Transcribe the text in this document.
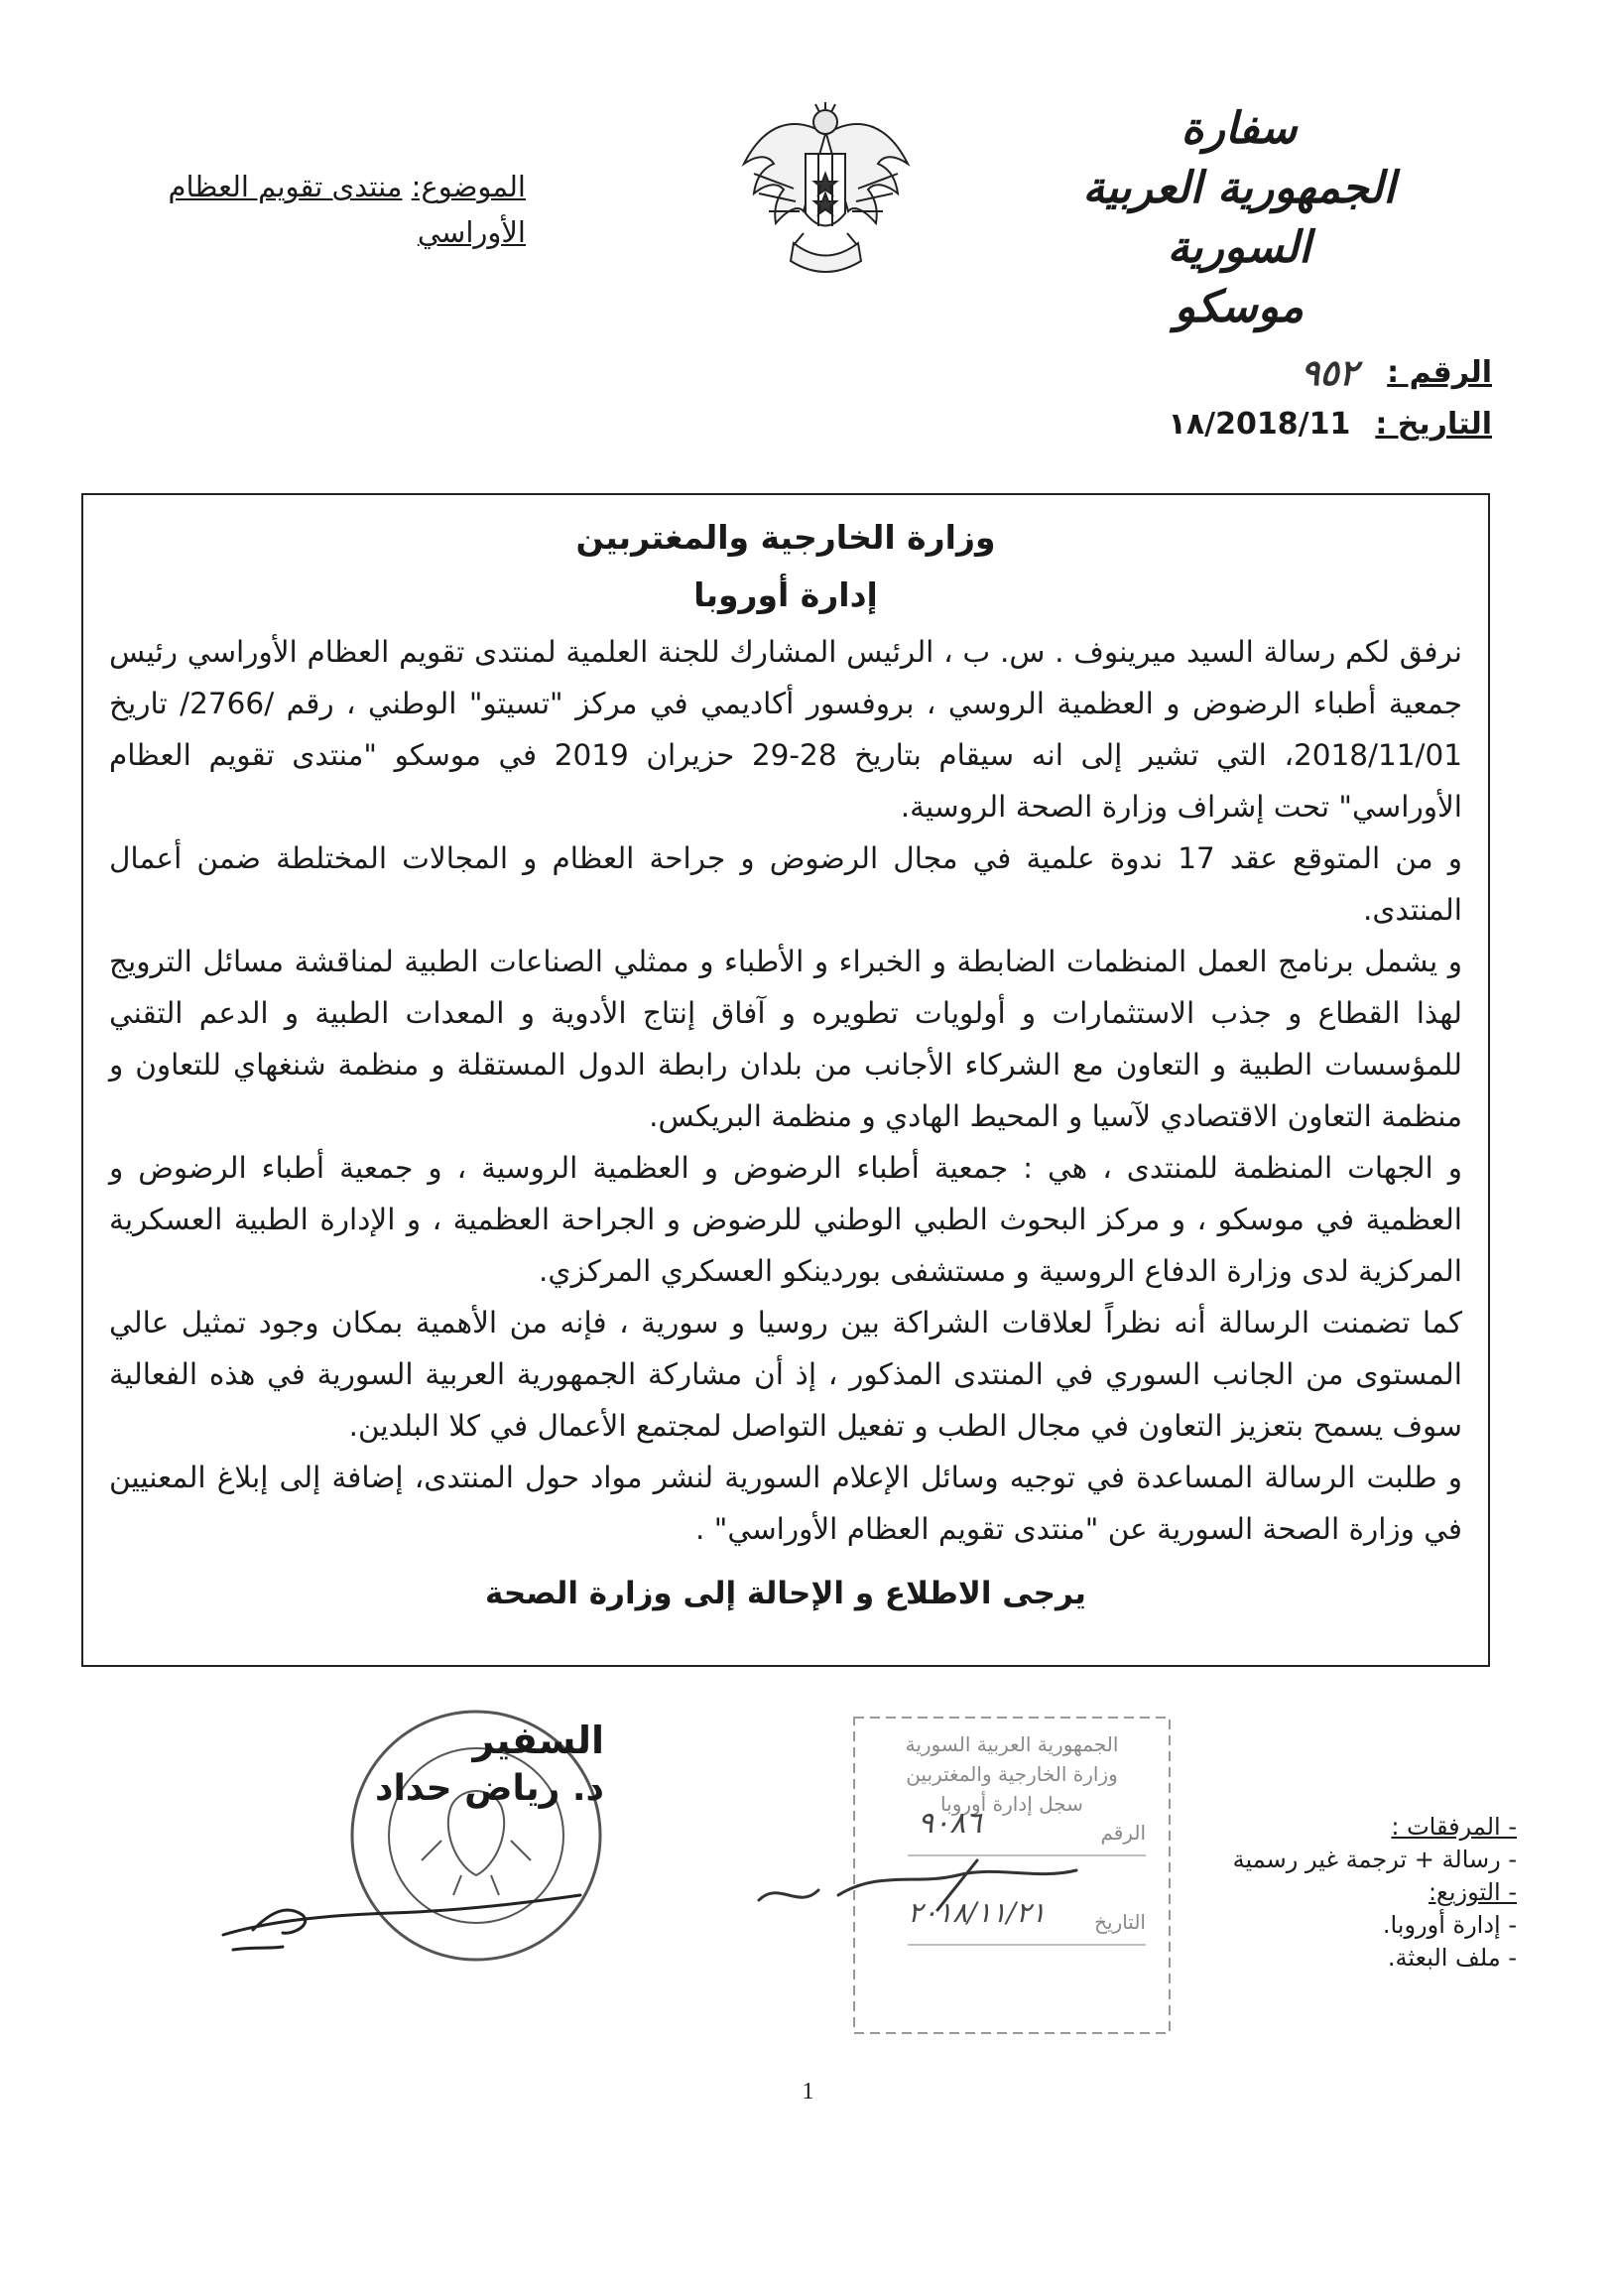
سفارة
الجمهورية العربية السورية
موسكو
الموضوع: منتدى تقويم العظام
الأوراسي
الرقم :
٩٥٢
التاريخ :
2018/11/١٨
وزارة الخارجية والمغتربين
إدارة أوروبا

نرفق لكم رسالة السيد ميرينوف . س. ب ، الرئيس المشارك للجنة العلمية لمنتدى تقويم العظام الأوراسي رئيس جمعية أطباء الرضوض و العظمية الروسي ، بروفسور أكاديمي في مركز "تسيتو" الوطني ، رقم /2766/ تاريخ 2018/11/01، التي تشير إلى انه سيقام بتاريخ 28-29 حزيران 2019 في موسكو "منتدى تقويم العظام الأوراسي" تحت إشراف وزارة الصحة الروسية.

و من المتوقع عقد 17 ندوة علمية في مجال الرضوض و جراحة العظام و المجالات المختلطة ضمن أعمال المنتدى.

و يشمل برنامج العمل المنظمات الضابطة و الخبراء و الأطباء و ممثلي الصناعات الطبية لمناقشة مسائل الترويج لهذا القطاع و جذب الاستثمارات و أولويات تطويره و آفاق إنتاج الأدوية و المعدات الطبية و الدعم التقني للمؤسسات الطبية و التعاون مع الشركاء الأجانب من بلدان رابطة الدول المستقلة و منظمة شنغهاي للتعاون و منظمة التعاون الاقتصادي لآسيا و المحيط الهادي و منظمة البريكس.

و الجهات المنظمة للمنتدى ، هي : جمعية أطباء الرضوض و العظمية الروسية ، و جمعية أطباء الرضوض و العظمية في موسكو ، و مركز البحوث الطبي الوطني للرضوض و الجراحة العظمية ، و الإدارة الطبية العسكرية المركزية لدى وزارة الدفاع الروسية و مستشفى بوردينكو العسكري المركزي.

كما تضمنت الرسالة أنه نظراً لعلاقات الشراكة بين روسيا و سورية ، فإنه من الأهمية بمكان وجود تمثيل عالي المستوى من الجانب السوري في المنتدى المذكور ، إذ أن مشاركة الجمهورية العربية السورية في هذه الفعالية سوف يسمح بتعزيز التعاون في مجال الطب و تفعيل التواصل لمجتمع الأعمال في كلا البلدين.

و طلبت الرسالة المساعدة في توجيه وسائل الإعلام السورية لنشر مواد حول المنتدى، إضافة إلى إبلاغ المعنيين في وزارة الصحة السورية عن "منتدى تقويم العظام الأوراسي" .

يرجى الاطلاع و الإحالة إلى وزارة الصحة
السفير
د. رياض حداد
الجمهورية العربية السورية
وزارة الخارجية والمغتربين
سجل إدارة أوروبا
الرقم
٩٠٨٦
التاريخ
٢٠١٨/١١/٢١
- المرفقات :
- رسالة + ترجمة غير رسمية
- التوزيع:
- إدارة أوروبا.
- ملف البعثة.
1
